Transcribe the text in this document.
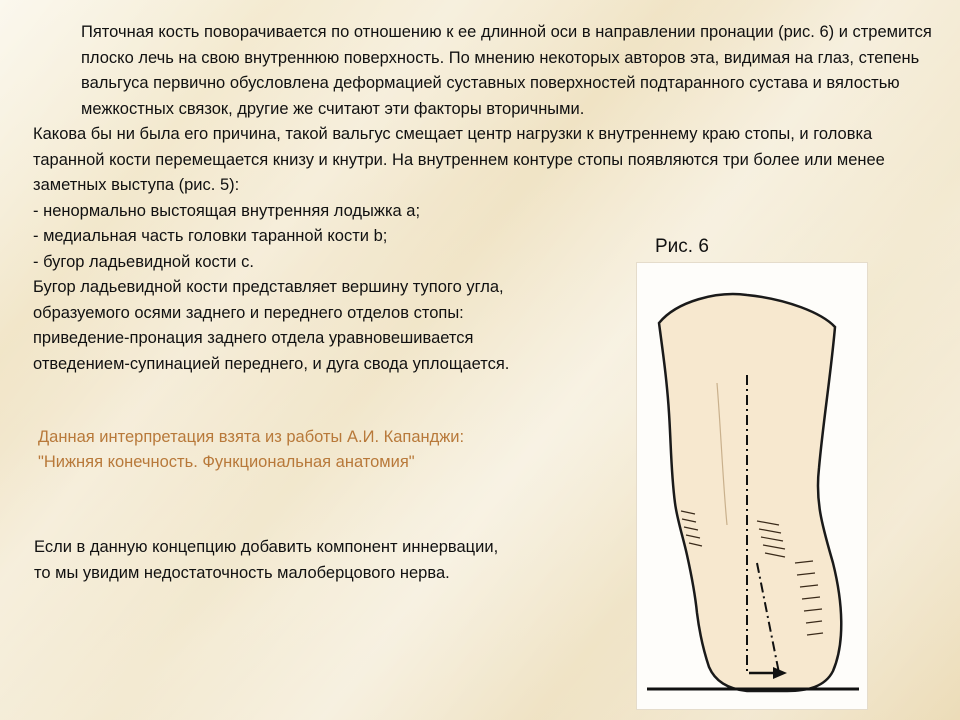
Пяточная кость поворачивается по отношению к ее длинной оси в направлении пронации (рис. 6) и стремится плоско лечь на свою внутреннюю поверхность. По мнению некоторых авторов эта, видимая на глаз, степень вальгуса первично обусловлена деформацией суставных поверхностей подтаранного сустава и вялостью межкостных связок, другие же считают эти факторы вторичными.

Какова бы ни была его причина, такой вальгус смещает центр нагрузки к внутреннему краю стопы, и головка таранной кости перемещается книзу и кнутри. На внутреннем контуре стопы появляются три более или менее заметных выступа (рис. 5):

- ненормально выстоящая внутренняя лодыжка а;

- медиальная часть головки таранной кости b;

- бугор ладьевидной кости с.

Бугор ладьевидной кости представляет вершину тупого угла,

образуемого осями заднего и переднего отделов стопы:

приведение-пронация заднего отдела уравновешивается

отведением-супинацией переднего, и дуга свода уплощается.

Данная интерпретация взята из работы А.И. Капанджи:

"Нижняя конечность. Функциональная анатомия"

Если в данную концепцию добавить компонент иннервации,

то мы увидим недостаточность малоберцового нерва.

Рис. 6
